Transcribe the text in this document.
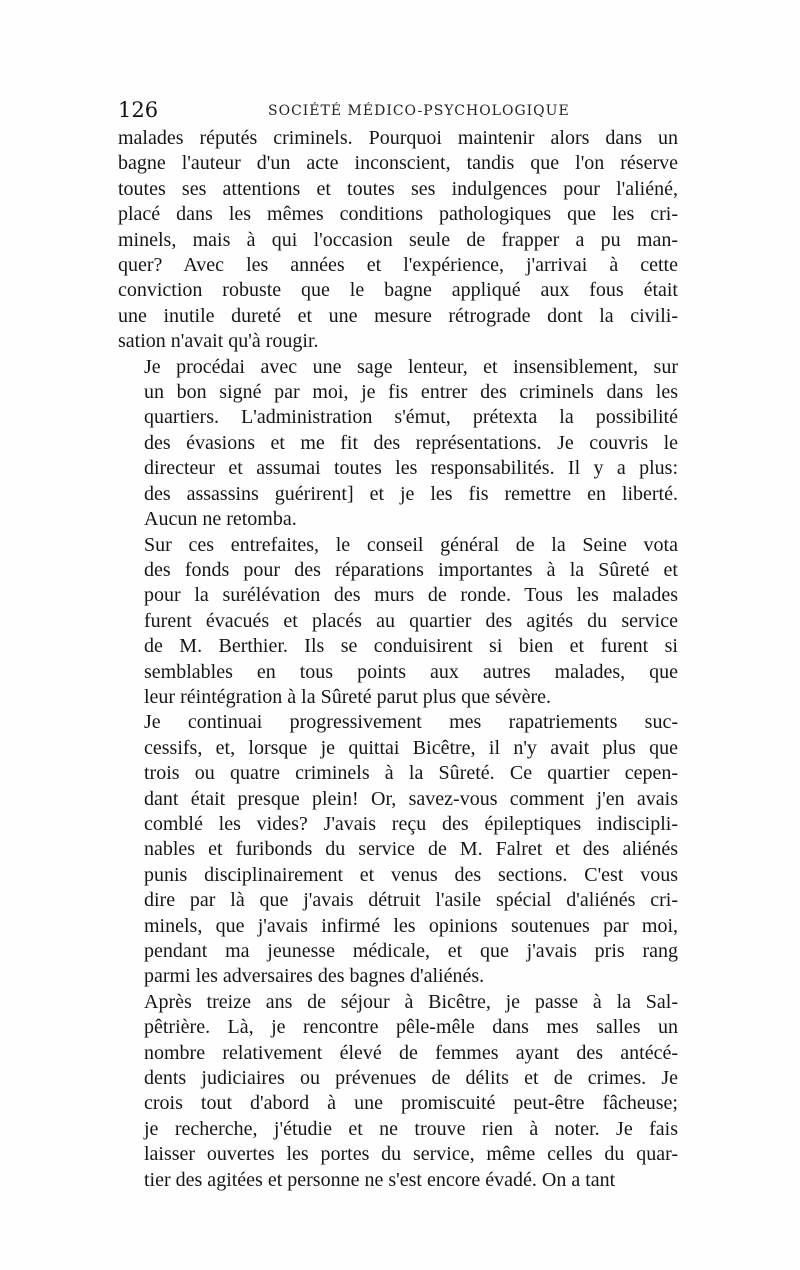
126	SOCIÉTÉ MÉDICO-PSYCHOLOGIQUE

malades réputés criminels. Pourquoi maintenir alors dans un
bagne l'auteur d'un acte inconscient, tandis que l'on réserve
toutes ses attentions et toutes ses indulgences pour l'aliéné,
placé dans les mêmes conditions pathologiques que les cri-
minels, mais à qui l'occasion seule de frapper a pu man-
quer? Avec les années et l'expérience, j'arrivai à cette
conviction robuste que le bagne appliqué aux fous était
une inutile dureté et une mesure rétrograde dont la civili-
sation n'avait qu'à rougir.

Je procédai avec une sage lenteur, et insensiblement, sur
un bon signé par moi, je fis entrer des criminels dans les
quartiers. L'administration s'émut, prétexta la possibilité
des évasions et me fit des représentations. Je couvris le
directeur et assumai toutes les responsabilités. Il y a plus:
des assassins guérirent] et je les fis remettre en liberté.
Aucun ne retomba.

Sur ces entrefaites, le conseil général de la Seine vota
des fonds pour des réparations importantes à la Sûreté et
pour la surélévation des murs de ronde. Tous les malades
furent évacués et placés au quartier des agités du service
de M. Berthier. Ils se conduisirent si bien et furent si
semblables en tous points aux autres malades, que
leur réintégration à la Sûreté parut plus que sévère.

Je continuai progressivement mes rapatriements suc-
cessifs, et, lorsque je quittai Bicêtre, il n'y avait plus que
trois ou quatre criminels à la Sûreté. Ce quartier cepen-
dant était presque plein! Or, savez-vous comment j'en avais
comblé les vides? J'avais reçu des épileptiques indiscipli-
nables et furibonds du service de M. Falret et des aliénés
punis disciplinairement et venus des sections. C'est vous
dire par là que j'avais détruit l'asile spécial d'aliénés cri-
minels, que j'avais infirmé les opinions soutenues par moi,
pendant ma jeunesse médicale, et que j'avais pris rang
parmi les adversaires des bagnes d'aliénés.

Après treize ans de séjour à Bicêtre, je passe à la Sal-
pêtrière. Là, je rencontre pêle-mêle dans mes salles un
nombre relativement élevé de femmes ayant des antécé-
dents judiciaires ou prévenues de délits et de crimes. Je
crois tout d'abord à une promiscuité peut-être fâcheuse;
je recherche, j'étudie et ne trouve rien à noter. Je fais
laisser ouvertes les portes du service, même celles du quar-
tier des agitées et personne ne s'est encore évadé. On a tant
